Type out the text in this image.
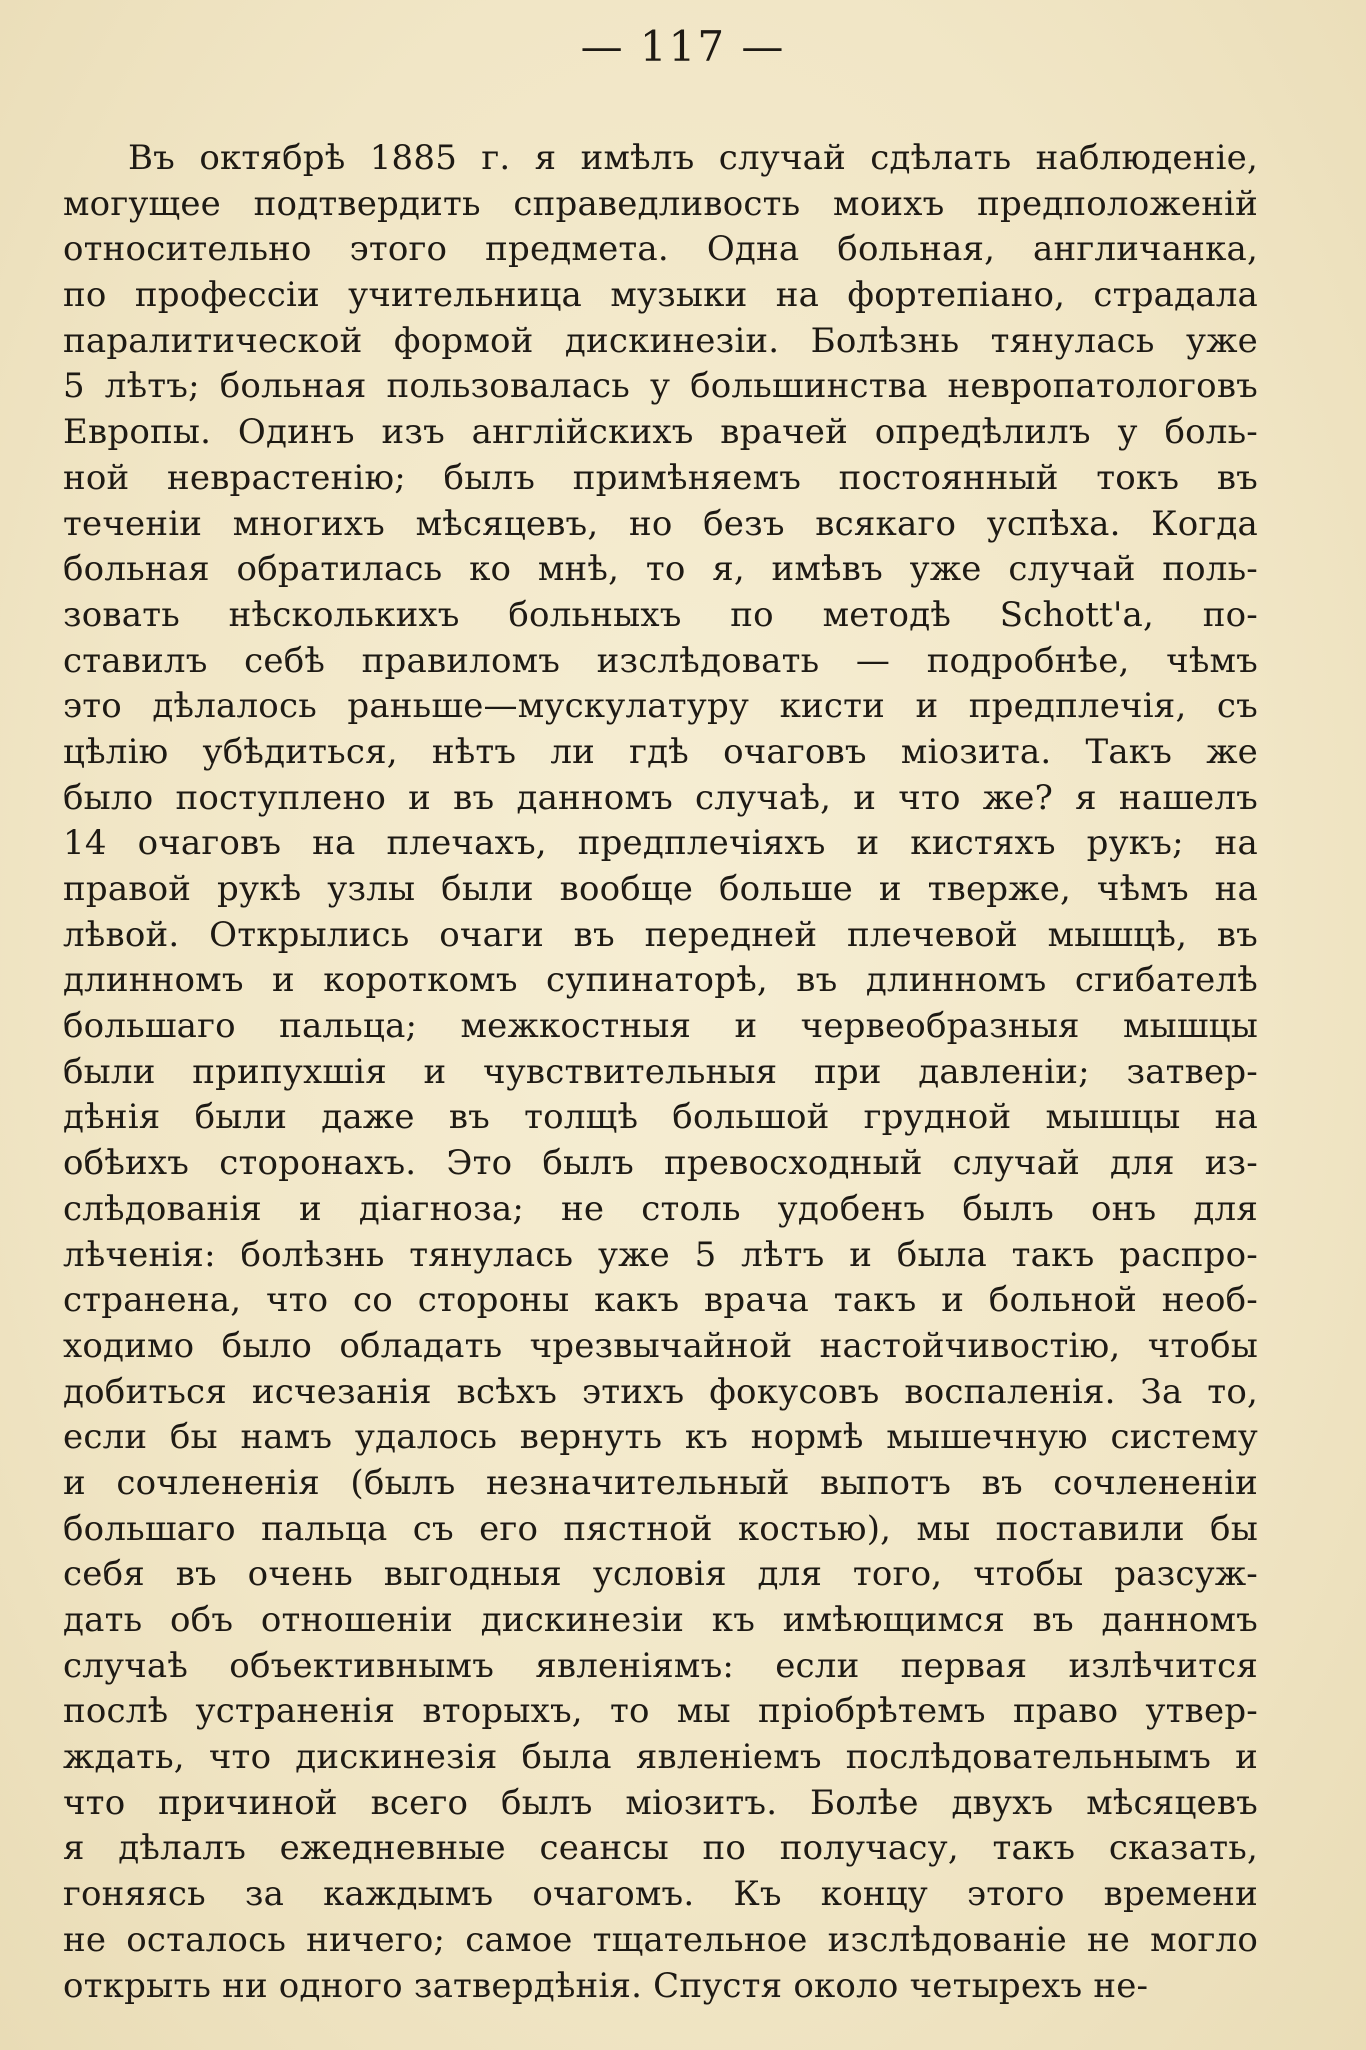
— 117 —
Въ октябрѣ 1885 г. я имѣлъ случай сдѣлать наблюденіе,
могущее подтвердить справедливость моихъ предположеній
относительно этого предмета. Одна больная, англичанка,
по профессіи учительница музыки на фортепіано, страдала
паралитической формой дискинезіи. Болѣзнь тянулась уже
5 лѣтъ; больная пользовалась у большинства невропатологовъ
Европы. Одинъ изъ англійскихъ врачей опредѣлилъ у боль-
ной неврастенію; былъ примѣняемъ постоянный токъ въ
теченіи многихъ мѣсяцевъ, но безъ всякаго успѣха. Когда
больная обратилась ко мнѣ, то я, имѣвъ уже случай поль-
зовать нѣсколькихъ больныхъ по методѣ Schott'а, по-
ставилъ себѣ правиломъ изслѣдовать — подробнѣе, чѣмъ
это дѣлалось раньше—мускулатуру кисти и предплечія, съ
цѣлію убѣдиться, нѣтъ ли гдѣ очаговъ міозита. Такъ же
было поступлено и въ данномъ случаѣ, и что же? я нашелъ
14 очаговъ на плечахъ, предплечіяхъ и кистяхъ рукъ; на
правой рукѣ узлы были вообще больше и тверже, чѣмъ на
лѣвой. Открылись очаги въ передней плечевой мышцѣ, въ
длинномъ и короткомъ супинаторѣ, въ длинномъ сгибателѣ
большаго пальца; межкостныя и червеобразныя мышцы
были припухшія и чувствительныя при давленіи; затвер-
дѣнія были даже въ толщѣ большой грудной мышцы на
обѣихъ сторонахъ. Это былъ превосходный случай для из-
слѣдованія и діагноза; не столь удобенъ былъ онъ для
лѣченія: болѣзнь тянулась уже 5 лѣтъ и была такъ распро-
странена, что со стороны какъ врача такъ и больной необ-
ходимо было обладать чрезвычайной настойчивостію, чтобы
добиться исчезанія всѣхъ этихъ фокусовъ воспаленія. За то,
если бы намъ удалось вернуть къ нормѣ мышечную систему
и сочлененія (былъ незначительный выпотъ въ сочлененіи
большаго пальца съ его пястной костью), мы поставили бы
себя въ очень выгодныя условія для того, чтобы разсуж-
дать объ отношеніи дискинезіи къ имѣющимся въ данномъ
случаѣ объективнымъ явленіямъ: если первая излѣчится
послѣ устраненія вторыхъ, то мы пріобрѣтемъ право утвер-
ждать, что дискинезія была явленіемъ послѣдовательнымъ и
что причиной всего былъ міозитъ. Болѣе двухъ мѣсяцевъ
я дѣлалъ ежедневные сеансы по получасу, такъ сказать,
гоняясь за каждымъ очагомъ. Къ концу этого времени
не осталось ничего; самое тщательное изслѣдованіе не могло
открыть ни одного затвердѣнія. Спустя около четырехъ не-
